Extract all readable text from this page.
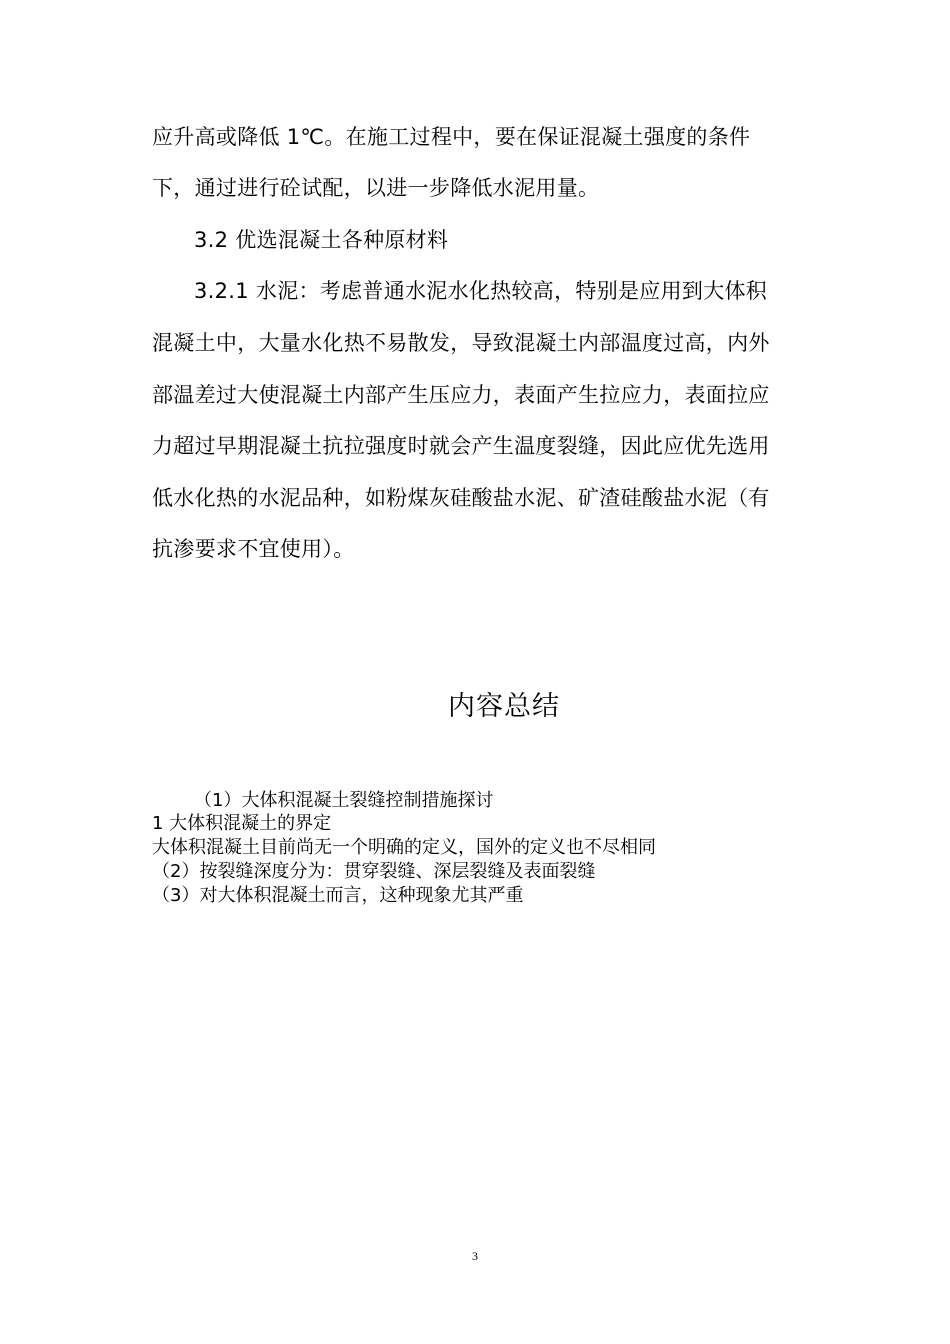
应升高或降低 1℃。在施工过程中，要在保证混凝土强度的条件
下，通过进行砼试配，以进一步降低水泥用量。
3.2 优选混凝土各种原材料
3.2.1 水泥：考虑普通水泥水化热较高，特别是应用到大体积
混凝土中，大量水化热不易散发，导致混凝土内部温度过高，内外
部温差过大使混凝土内部产生压应力，表面产生拉应力，表面拉应
力超过早期混凝土抗拉强度时就会产生温度裂缝，因此应优先选用
低水化热的水泥品种，如粉煤灰硅酸盐水泥、矿渣硅酸盐水泥（有
抗渗要求不宜使用）。
内容总结
（1）大体积混凝土裂缝控制措施探讨
1 大体积混凝土的界定
大体积混凝土目前尚无一个明确的定义，国外的定义也不尽相同
（2）按裂缝深度分为：贯穿裂缝、深层裂缝及表面裂缝
（3）对大体积混凝土而言，这种现象尤其严重
3
